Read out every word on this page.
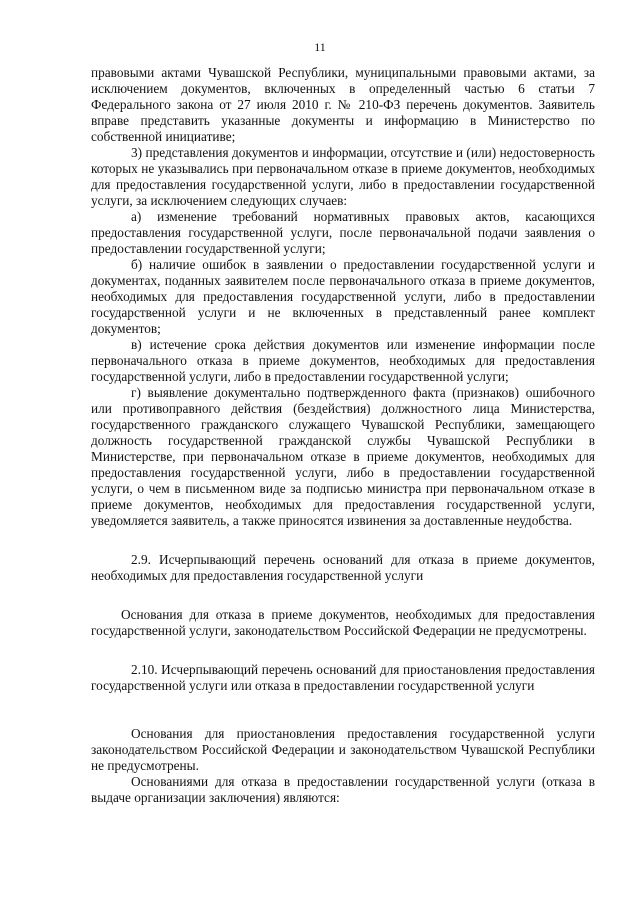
11

правовыми актами Чувашской Республики, муниципальными правовыми актами, за исключением документов, включенных в определенный частью 6 статьи 7 Федерального закона от 27 июля 2010 г. № 210-ФЗ перечень документов. Заявитель вправе представить указанные документы и информацию в Министерство по собственной инициативе;

3) представления документов и информации, отсутствие и (или) недостоверность которых не указывались при первоначальном отказе в приеме документов, необходимых для предоставления государственной услуги, либо в предоставлении государственной услуги, за исключением следующих случаев:

а) изменение требований нормативных правовых актов, касающихся предоставления государственной услуги, после первоначальной подачи заявления о предоставлении государственной услуги;

б) наличие ошибок в заявлении о предоставлении государственной услуги и документах, поданных заявителем после первоначального отказа в приеме документов, необходимых для предоставления государственной услуги, либо в предоставлении государственной услуги и не включенных в представленный ранее комплект документов;

в) истечение срока действия документов или изменение информации после первоначального отказа в приеме документов, необходимых для предоставления государственной услуги, либо в предоставлении государственной услуги;

г) выявление документально подтвержденного факта (признаков) ошибочного или противоправного действия (бездействия) должностного лица Министерства, государственного гражданского служащего Чувашской Республики, замещающего должность государственной гражданской службы Чувашской Республики в Министерстве, при первоначальном отказе в приеме документов, необходимых для предоставления государственной услуги, либо в предоставлении государственной услуги, о чем в письменном виде за подписью министра при первоначальном отказе в приеме документов, необходимых для предоставления государственной услуги, уведомляется заявитель, а также приносятся извинения за доставленные неудобства.

2.9. Исчерпывающий перечень оснований для отказа в приеме документов, необходимых для предоставления государственной услуги

Основания для отказа в приеме документов, необходимых для предоставления государственной услуги, законодательством Российской Федерации не предусмотрены.

2.10. Исчерпывающий перечень оснований для приостановления предоставления государственной услуги или отказа в предоставлении государственной услуги

Основания для приостановления предоставления государственной услуги законодательством Российской Федерации и законодательством Чувашской Республики не предусмотрены.

Основаниями для отказа в предоставлении государственной услуги (отказа в выдаче организации заключения) являются:
